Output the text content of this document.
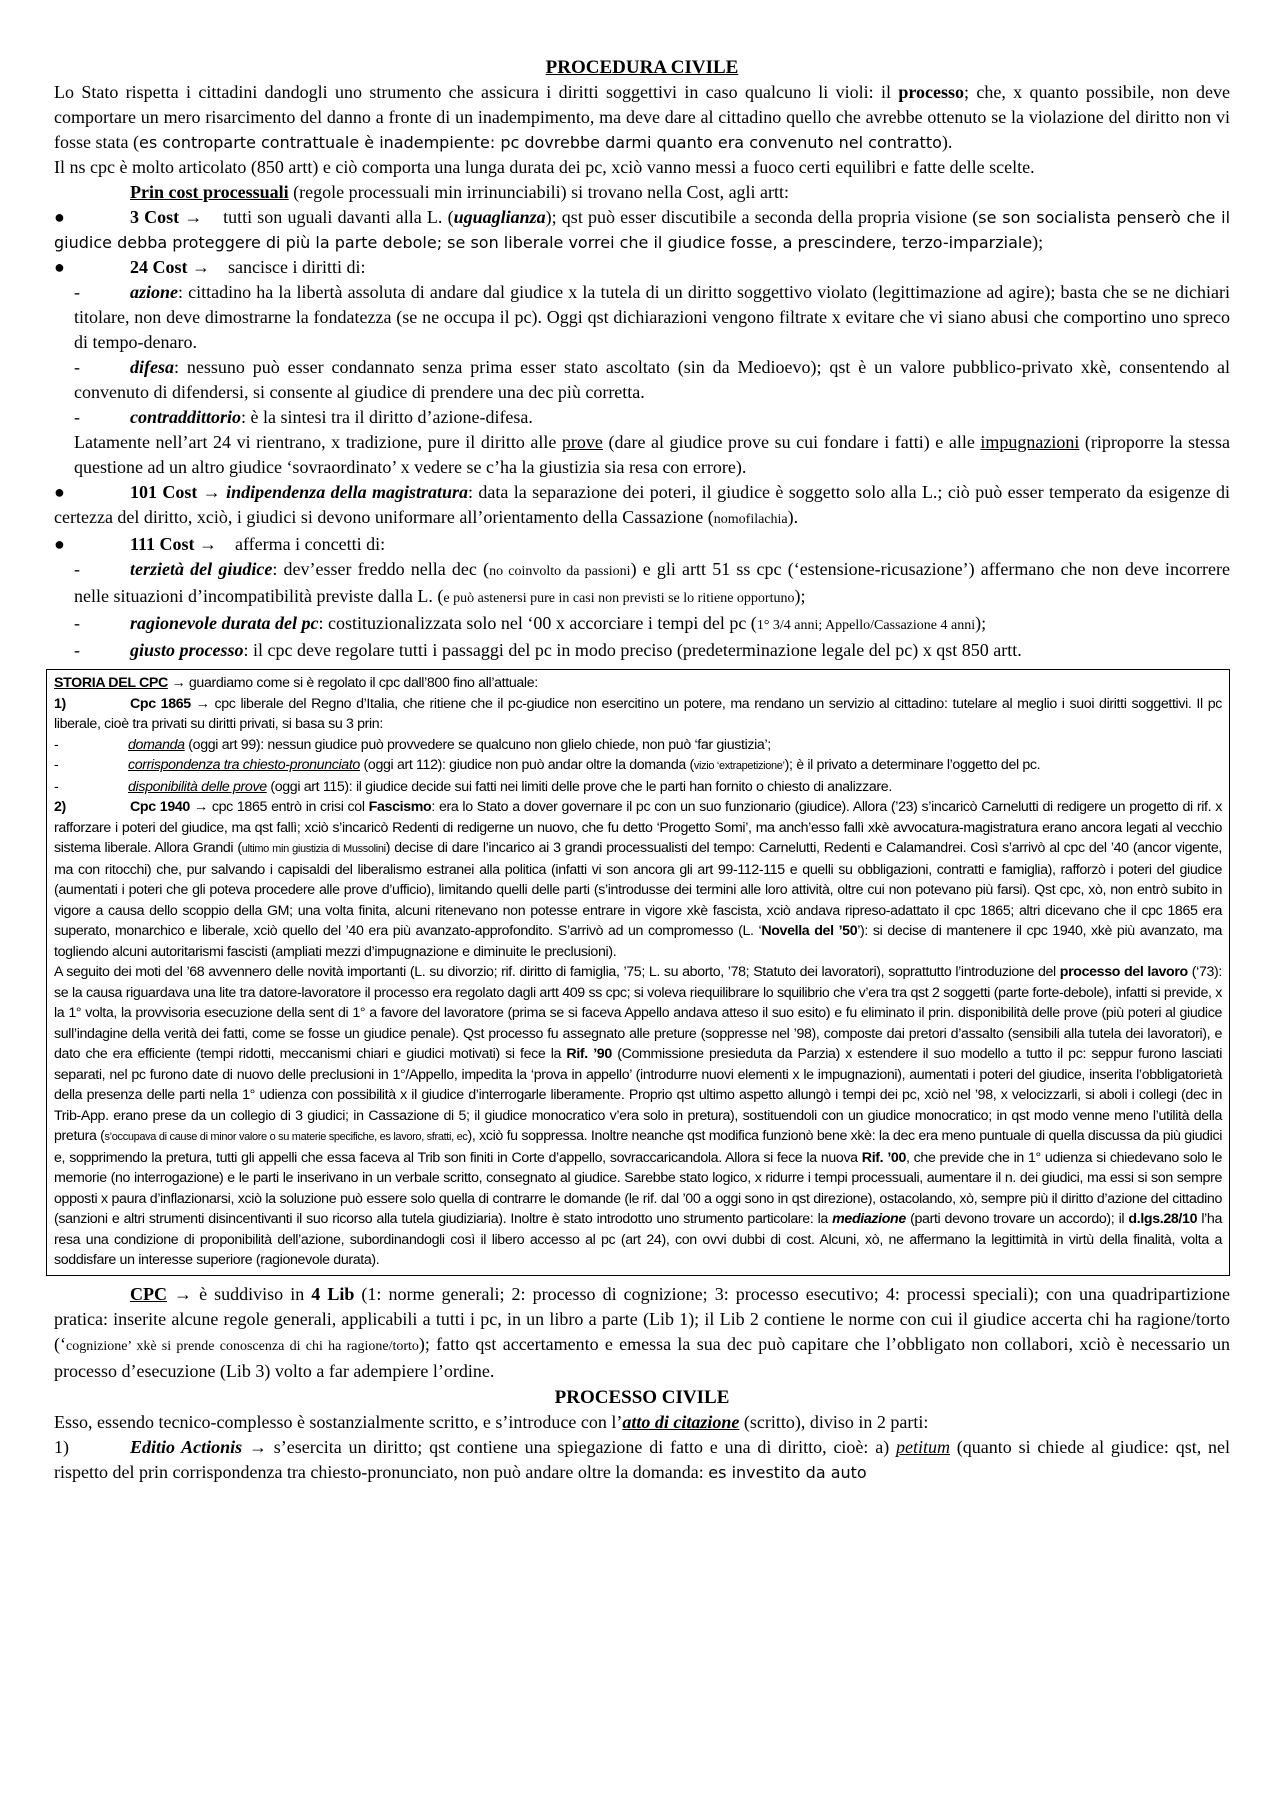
PROCEDURA CIVILE

Lo Stato rispetta i cittadini dandogli uno strumento che assicura i diritti soggettivi in caso qualcuno li violi: il processo; che, x quanto possibile, non deve comportare un mero risarcimento del danno a fronte di un inadempimento, ma deve dare al cittadino quello che avrebbe ottenuto se la violazione del diritto non vi fosse stata (es controparte contrattuale è inadempiente: pc dovrebbe darmi quanto era convenuto nel contratto).

Il ns cpc è molto articolato (850 artt) e ciò comporta una lunga durata dei pc, xciò vanno messi a fuoco certi equilibri e fatte delle scelte.

Prin cost processuali (regole processuali min irrinunciabili) si trovano nella Cost, agli artt:

●	3 Cost → tutti son uguali davanti alla L. (uguaglianza); qst può esser discutibile a seconda della propria visione (se son socialista penserò che il giudice debba proteggere di più la parte debole; se son liberale vorrei che il giudice fosse, a prescindere, terzo-imparziale);

●	24 Cost → sancisce i diritti di:

-	azione: cittadino ha la libertà assoluta di andare dal giudice x la tutela di un diritto soggettivo violato (legittimazione ad agire); basta che se ne dichiari titolare, non deve dimostrarne la fondatezza (se ne occupa il pc). Oggi qst dichiarazioni vengono filtrate x evitare che vi siano abusi che comportino uno spreco di tempo-denaro.

-	difesa: nessuno può esser condannato senza prima esser stato ascoltato (sin da Medioevo); qst è un valore pubblico-privato xkè, consentendo al convenuto di difendersi, si consente al giudice di prendere una dec più corretta.

-	contraddittorio: è la sintesi tra il diritto d’azione-difesa.

Latamente nell’art 24 vi rientrano, x tradizione, pure il diritto alle prove (dare al giudice prove su cui fondare i fatti) e alle impugnazioni (riproporre la stessa questione ad un altro giudice ‘sovraordinato’ x vedere se c’ha la giustizia sia resa con errore).

●	101 Cost → indipendenza della magistratura: data la separazione dei poteri, il giudice è soggetto solo alla L.; ciò può esser temperato da esigenze di certezza del diritto, xciò, i giudici si devono uniformare all’orientamento della Cassazione (nomofilachia).

●	111 Cost → afferma i concetti di:

-	terzietà del giudice: dev’esser freddo nella dec (no coinvolto da passioni) e gli artt 51 ss cpc (‘estensione-ricusazione’) affermano che non deve incorrere nelle situazioni d’incompatibilità previste dalla L. (e può astenersi pure in casi non previsti se lo ritiene opportuno);

-	ragionevole durata del pc: costituzionalizzata solo nel ‘00 x accorciare i tempi del pc (1° 3/4 anni; Appello/Cassazione 4 anni);

-	giusto processo: il cpc deve regolare tutti i passaggi del pc in modo preciso (predeterminazione legale del pc) x qst 850 artt.

STORIA DEL CPC → guardiamo come si è regolato il cpc dall’800 fino all’attuale:

1)	Cpc 1865 → cpc liberale del Regno d’Italia, che ritiene che il pc-giudice non esercitino un potere, ma rendano un servizio al cittadino: tutelare al meglio i suoi diritti soggettivi. Il pc liberale, cioè tra privati su diritti privati, si basa su 3 prin:

-	domanda (oggi art 99): nessun giudice può provvedere se qualcuno non glielo chiede, non può ‘far giustizia’;

-	corrispondenza tra chiesto-pronunciato (oggi art 112): giudice non può andar oltre la domanda (vizio ‘extrapetizione’); è il privato a determinare l’oggetto del pc.

-	disponibilità delle prove (oggi art 115): il giudice decide sui fatti nei limiti delle prove che le parti han fornito o chiesto di analizzare.

2)	Cpc 1940 → cpc 1865 entrò in crisi col Fascismo: era lo Stato a dover governare il pc con un suo funzionario (giudice). Allora (’23) s’incaricò Carnelutti di redigere un progetto di rif. x rafforzare i poteri del giudice, ma qst fallì; xciò s’incaricò Redenti di redigerne un nuovo, che fu detto ‘Progetto Somi’, ma anch’esso fallì xkè avvocatura-magistratura erano ancora legati al vecchio sistema liberale. Allora Grandi (ultimo min giustizia di Mussolini) decise di dare l’incarico ai 3 grandi processualisti del tempo: Carnelutti, Redenti e Calamandrei. Così s’arrivò al cpc del ’40 (ancor vigente, ma con ritocchi) che, pur salvando i capisaldi del liberalismo estranei alla politica (infatti vi son ancora gli art 99-112-115 e quelli su obbligazioni, contratti e famiglia), rafforzò i poteri del giudice (aumentati i poteri che gli poteva procedere alle prove d’ufficio), limitando quelli delle parti (s’introdusse dei termini alle loro attività, oltre cui non potevano più farsi). Qst cpc, xò, non entrò subito in vigore a causa dello scoppio della GM; una volta finita, alcuni ritenevano non potesse entrare in vigore xkè fascista, xciò andava ripreso-adattato il cpc 1865; altri dicevano che il cpc 1865 era superato, monarchico e liberale, xciò quello del ’40 era più avanzato-approfondito. S’arrivò ad un compromesso (L. ‘Novella del ’50’): si decise di mantenere il cpc 1940, xkè più avanzato, ma togliendo alcuni autoritarismi fascisti (ampliati mezzi d’impugnazione e diminuite le preclusioni).

A seguito dei moti del ’68 avvennero delle novità importanti (L. su divorzio; rif. diritto di famiglia, ’75; L. su aborto, ’78; Statuto dei lavoratori), soprattutto l’introduzione del processo del lavoro (‘73): se la causa riguardava una lite tra datore-lavoratore il processo era regolato dagli artt 409 ss cpc; si voleva riequilibrare lo squilibrio che v’era tra qst 2 soggetti (parte forte-debole), infatti si previde, x la 1° volta, la provvisoria esecuzione della sent di 1° a favore del lavoratore (prima se si faceva Appello andava atteso il suo esito) e fu eliminato il prin. disponibilità delle prove (più poteri al giudice sull’indagine della verità dei fatti, come se fosse un giudice penale). Qst processo fu assegnato alle preture (soppresse nel ’98), composte dai pretori d’assalto (sensibili alla tutela dei lavoratori), e dato che era efficiente (tempi ridotti, meccanismi chiari e giudici motivati) si fece la Rif. ’90 (Commissione presieduta da Parzia) x estendere il suo modello a tutto il pc: seppur furono lasciati separati, nel pc furono date di nuovo delle preclusioni in 1°/Appello, impedita la ‘prova in appello’ (introdurre nuovi elementi x le impugnazioni), aumentati i poteri del giudice, inserita l’obbligatorietà della presenza delle parti nella 1° udienza con possibilità x il giudice d’interrogarle liberamente. Proprio qst ultimo aspetto allungò i tempi dei pc, xciò nel ’98, x velocizzarli, si aboli i collegi (dec in Trib-App. erano prese da un collegio di 3 giudici; in Cassazione di 5; il giudice monocratico v’era solo in pretura), sostituendoli con un giudice monocratico; in qst modo venne meno l’utilità della pretura (s’occupava di cause di minor valore o su materie specifiche, es lavoro, sfratti, ec), xciò fu soppressa. Inoltre neanche qst modifica funzionò bene xkè: la dec era meno puntuale di quella discussa da più giudici e, sopprimendo la pretura, tutti gli appelli che essa faceva al Trib son finiti in Corte d’appello, sovraccaricandola. Allora si fece la nuova Rif. ’00, che previde che in 1° udienza si chiedevano solo le memorie (no interrogazione) e le parti le inserivano in un verbale scritto, consegnato al giudice. Sarebbe stato logico, x ridurre i tempi processuali, aumentare il n. dei giudici, ma essi si son sempre opposti x paura d’inflazionarsi, xciò la soluzione può essere solo quella di contrarre le domande (le rif. dal ’00 a oggi sono in qst direzione), ostacolando, xò, sempre più il diritto d’azione del cittadino (sanzioni e altri strumenti disincentivanti il suo ricorso alla tutela giudiziaria). Inoltre è stato introdotto uno strumento particolare: la mediazione (parti devono trovare un accordo); il d.lgs.28/10 l’ha resa una condizione di proponibilità dell’azione, subordinandogli così il libero accesso al pc (art 24), con ovvi dubbi di cost. Alcuni, xò, ne affermano la legittimità in virtù della finalità, volta a soddisfare un interesse superiore (ragionevole durata).

CPC → è suddiviso in 4 Lib (1: norme generali; 2: processo di cognizione; 3: processo esecutivo; 4: processi speciali); con una quadripartizione pratica: inserite alcune regole generali, applicabili a tutti i pc, in un libro a parte (Lib 1); il Lib 2 contiene le norme con cui il giudice accerta chi ha ragione/torto (‘cognizione’ xkè si prende conoscenza di chi ha ragione/torto); fatto qst accertamento e emessa la sua dec può capitare che l’obbligato non collabori, xciò è necessario un processo d’esecuzione (Lib 3) volto a far adempiere l’ordine.

PROCESSO CIVILE

Esso, essendo tecnico-complesso è sostanzialmente scritto, e s’introduce con l’atto di citazione (scritto), diviso in 2 parti:

1)	Editio Actionis → s’esercita un diritto; qst contiene una spiegazione di fatto e una di diritto, cioè: a) petitum (quanto si chiede al giudice: qst, nel rispetto del prin corrispondenza tra chiesto-pronunciato, non può andare oltre la domanda: es investito da auto
